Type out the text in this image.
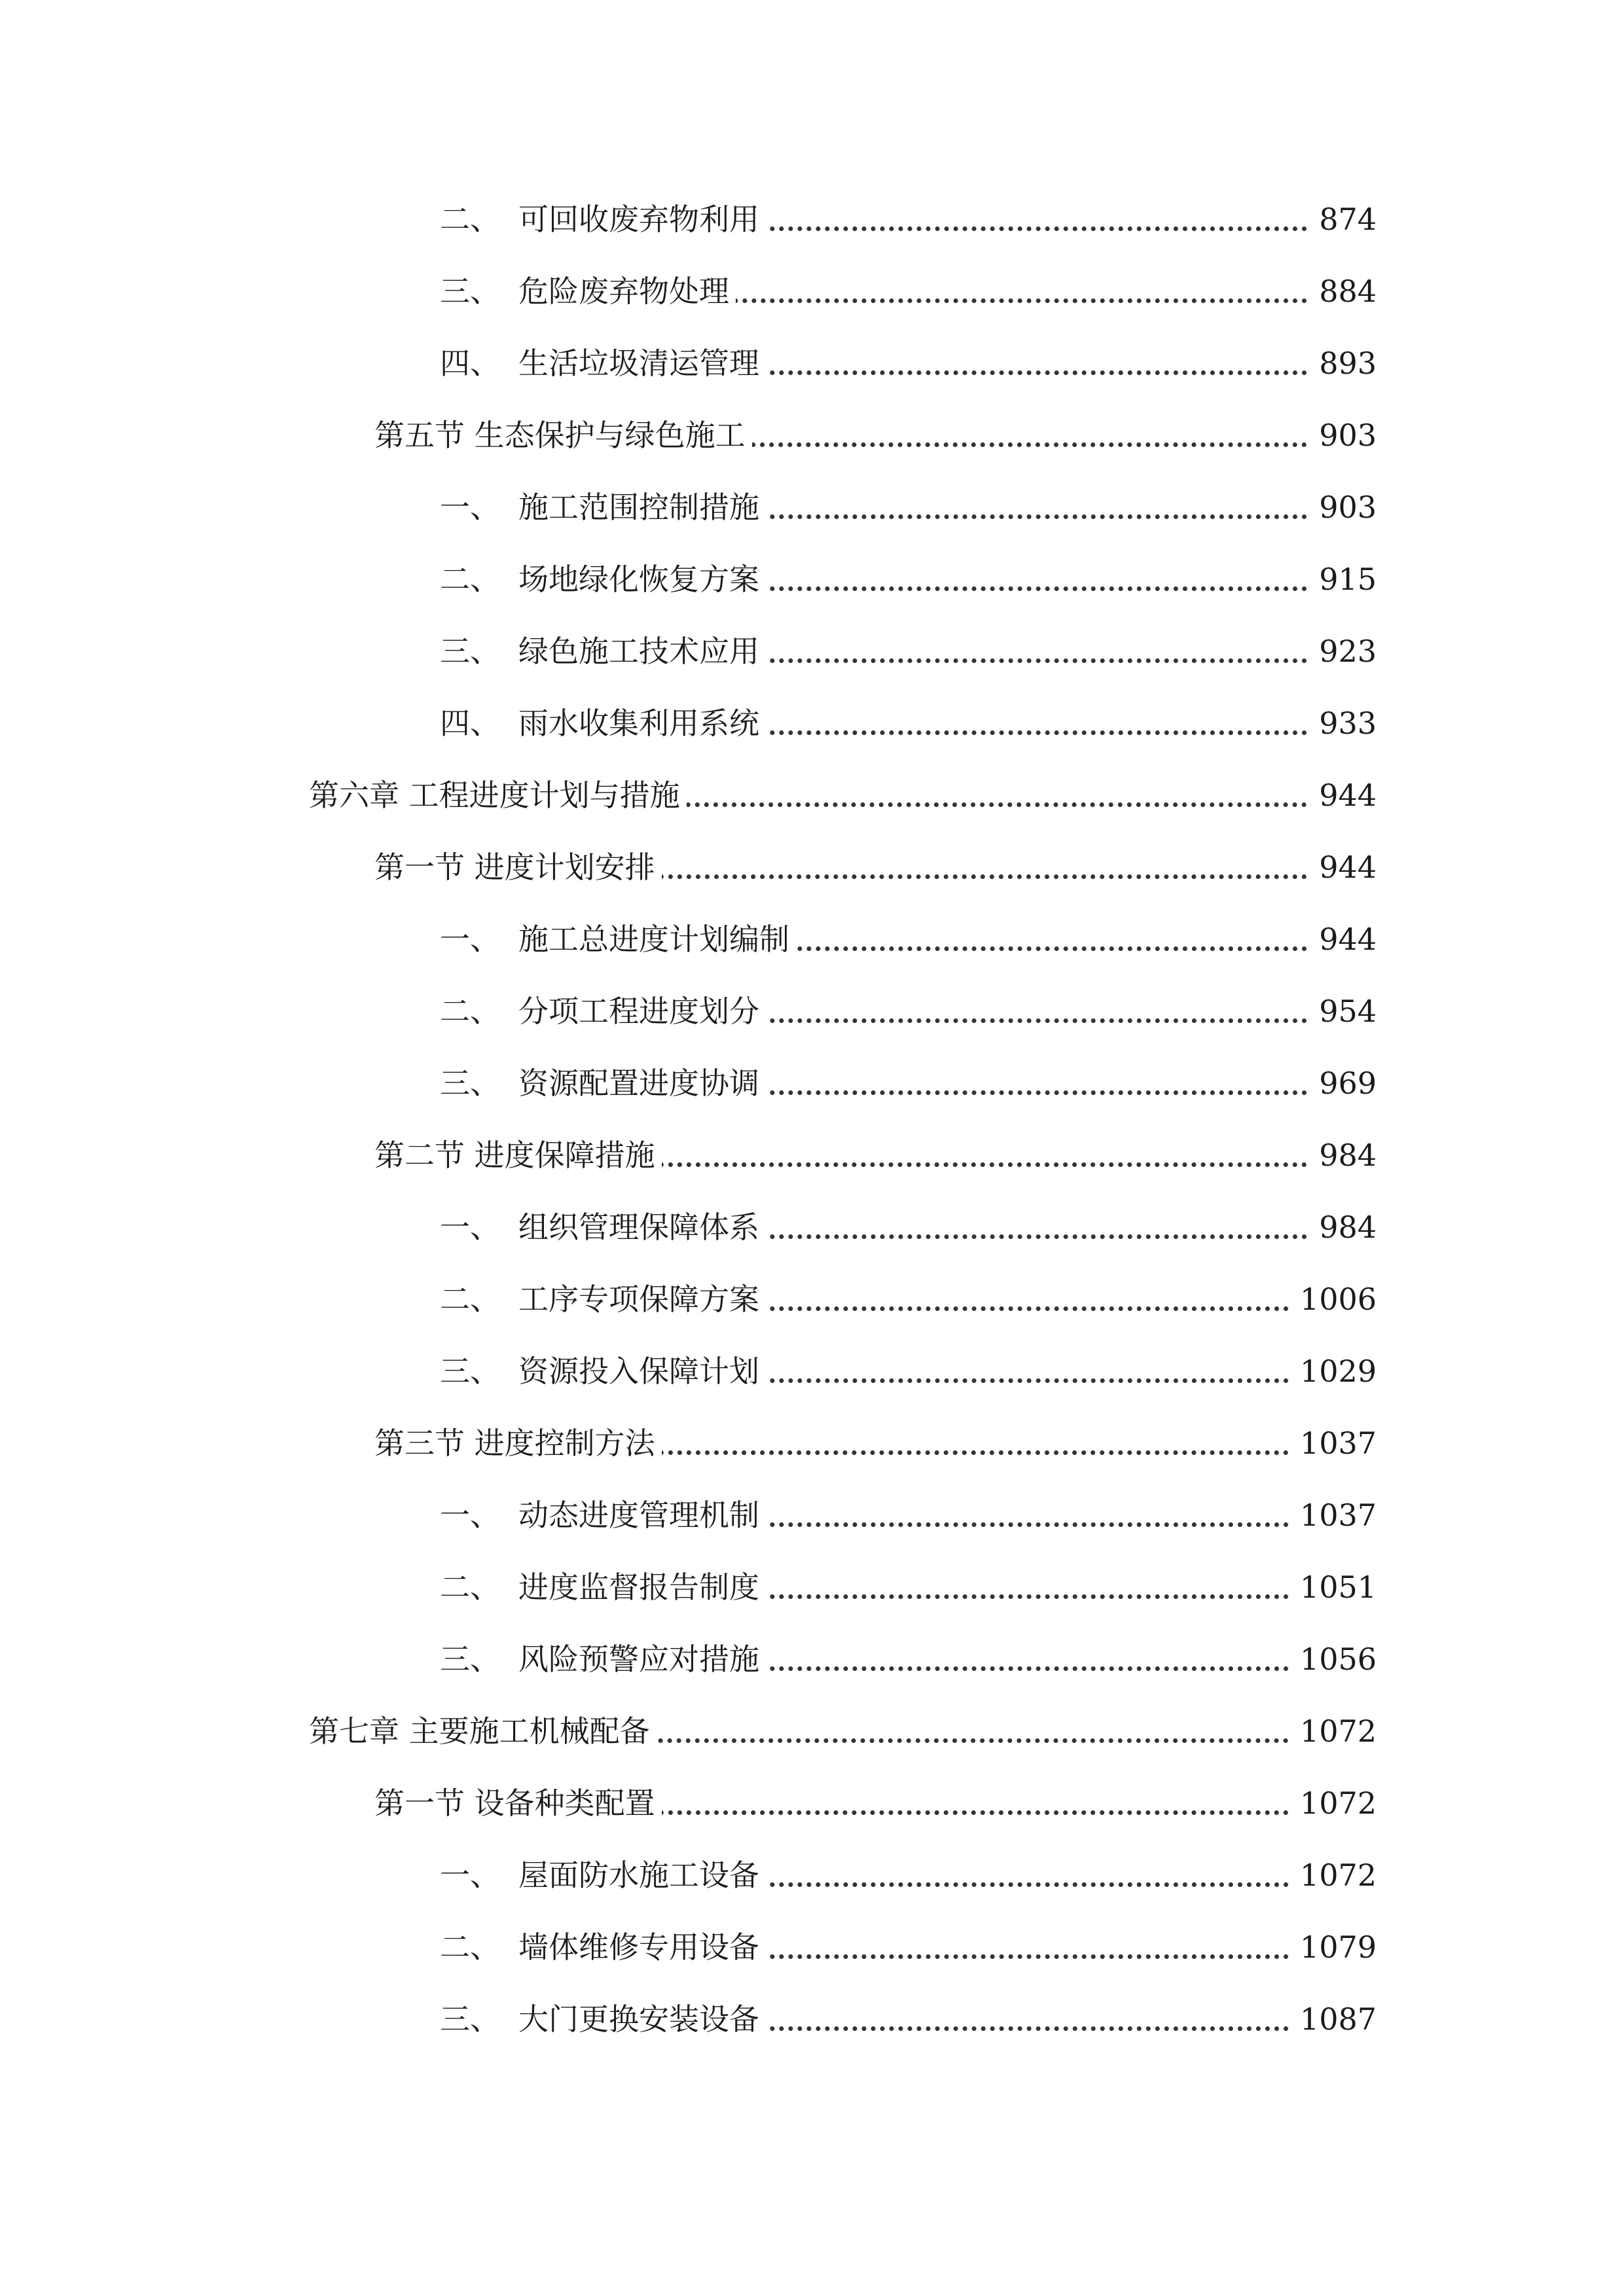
二、 可回收废弃物利用	874
三、 危险废弃物处理	884
四、 生活垃圾清运管理	893
第五节 生态保护与绿色施工	903
一、 施工范围控制措施	903
二、 场地绿化恢复方案	915
三、 绿色施工技术应用	923
四、 雨水收集利用系统	933
第六章 工程进度计划与措施	944
第一节 进度计划安排	944
一、 施工总进度计划编制	944
二、 分项工程进度划分	954
三、 资源配置进度协调	969
第二节 进度保障措施	984
一、 组织管理保障体系	984
二、 工序专项保障方案	1006
三、 资源投入保障计划	1029
第三节 进度控制方法	1037
一、 动态进度管理机制	1037
二、 进度监督报告制度	1051
三、 风险预警应对措施	1056
第七章 主要施工机械配备	1072
第一节 设备种类配置	1072
一、 屋面防水施工设备	1072
二、 墙体维修专用设备	1079
三、 大门更换安装设备	1087
